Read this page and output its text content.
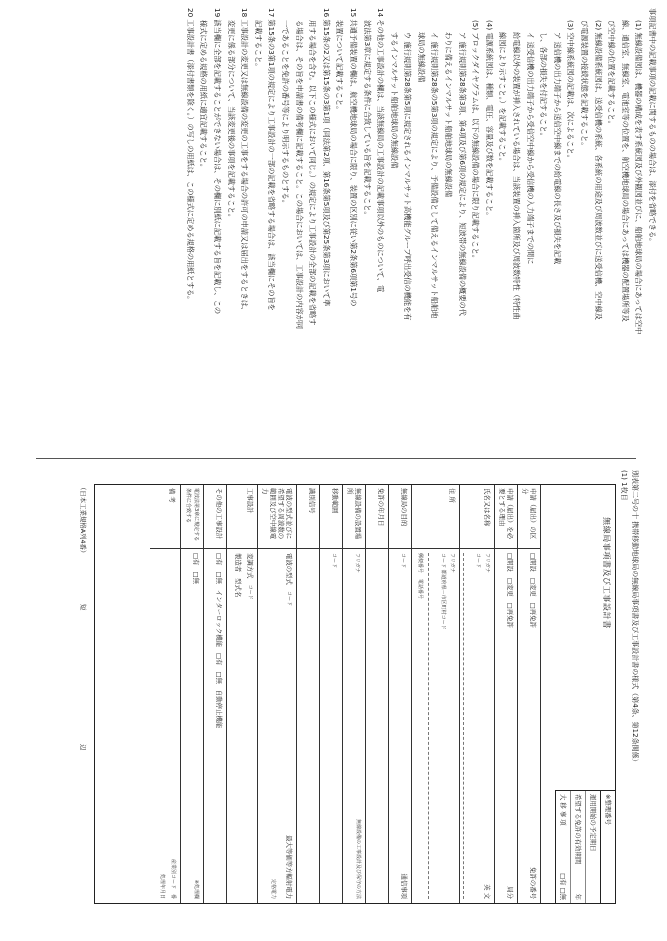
事項記書中の記載事項の記載に関するものの場合は、添付を省略できる。
(1) 無線設備図は、機器の構成を表す系統図及び外観図並びに、船舶地球局の場合にあっては空中
線、通信室、無線室、電池室等の位置を、航空機地球局の場合にあっては機器の配置場所等及
び空中線の位置を記載すること。
(2) 無線設備系統図は、送受信機の系統、各系統の用途及び周波数並びに送受信機、空中線及
び電源装置の接続状態を記載すること。
(3) 空中線系統図の記載は、次によること。
ア 送信機の出力端子から送信空中線までの給電線の長さ及び損失を記載
し、各部の損失を付記すること。
イ 送受信機の出力端子から受信空中線から受信機の入力端子までの間に
給電線以外の装置が挿入されている場合は、当該装置の挿入箇所及び周波数特性（特性曲
線図により示すこと。）を記載すること。
(4) 電源系統図は、種類、電圧、容量及び数を記載すること。
(5) ブロックダイヤグラムは、以下の無線設備の場合に限り記載すること。
ア 施行規則第28条第3項、第4項及び第6項の規定により、短波帯の無線設備の概要の代
わりに備えるインマルサット船舶地球局の無線設備
イ 施行規則第28条の5第3項の規定により、予備設備として備えるインマルサット船舶地
球局の無線設備
ウ 施行規則第28条第5項に規定されるインマルサット高機能グループ呼出受信の機能を有
するインマルサット船舶地球局の無線設備
14 その他の工事設計の欄は、当該無線局の工事設計の記載事項以外のものについて、電
波法第3章に規定する条件に合致している旨を記載すること。
15 共通予備装置の欄は、航空機地球局の場合に限り、装置の区別に従い第2条第6項第1号の
装置について記載すること。
16 第15条の2又は第15条の3第1項（同法第2項、第16条第5項及び第25条第3項において準
用する場合を含む。以下この様式において同じ。）の規定により工事設計の全部の記載を省略す
る場合は、その旨を申請書の備考欄に記載すること。この場合においては、工事設計の内容が同
一であることを免許の番号等により明示するものとする。
17 第15条の3第1項の規定により工事設計の一部の記載を省略する場合は、該当欄にその旨を
記載すること。
18 工事設計の変更又は無線設備の変更の工事をする場合の許可の申請又は届出をするときは、
変更に係る部分について、当該変更後の事項を記載すること。
19 該当欄に全部を記載することができない場合は、その欄に別紙に記載する旨を記載し、この
様式に定める規格の用紙に適宜記載すること。
20 工事設計書（添付書類を除く。）の写しの用紙は、この様式に定める規格の用紙とする。
別表第二号の十 携帯移動地球局の無線局事項書及び工事設計書の様式（第4条、第12条関係）
(1) 1枚目
無線局事項書及び工事設計書
※整理番号
運用開始の予定期日
希望する免許の有効期間
年
大 移 事 項
□有 □無
申請（届出）の区分
□開設
□変更
□再免許
免許の番号
申請（届出）を必要とする理由
□開設
□変更
□再免許
局分
氏名又は名称
フリガナ
コード
英 文
住 所
フリガナ
コード 都道府県－市区町村コード
郵便番号
電話番号
無線局の目的
コード
通信事項
免許の年月日
無線設備の設置場所
フリガナ
無線設備の工事設計及び保守の方法
移動範囲
コード
識別信号
電波の型式並びに希望する周波数の範囲及び空中線電力
電波の型式
コード
最大等価等方輻射電力
定格電力
工事設計
変調方式
コード
製造者
型式名
その他の工事設計
□有
□無
インターロック機能
□有
□無
自動停止機能
電波法第3章に規定する条件に合致する
□有
□無
※処理欄
備 考
産業別コード　番
処理年月日
（日本工業規格A列4番）
短
辺
